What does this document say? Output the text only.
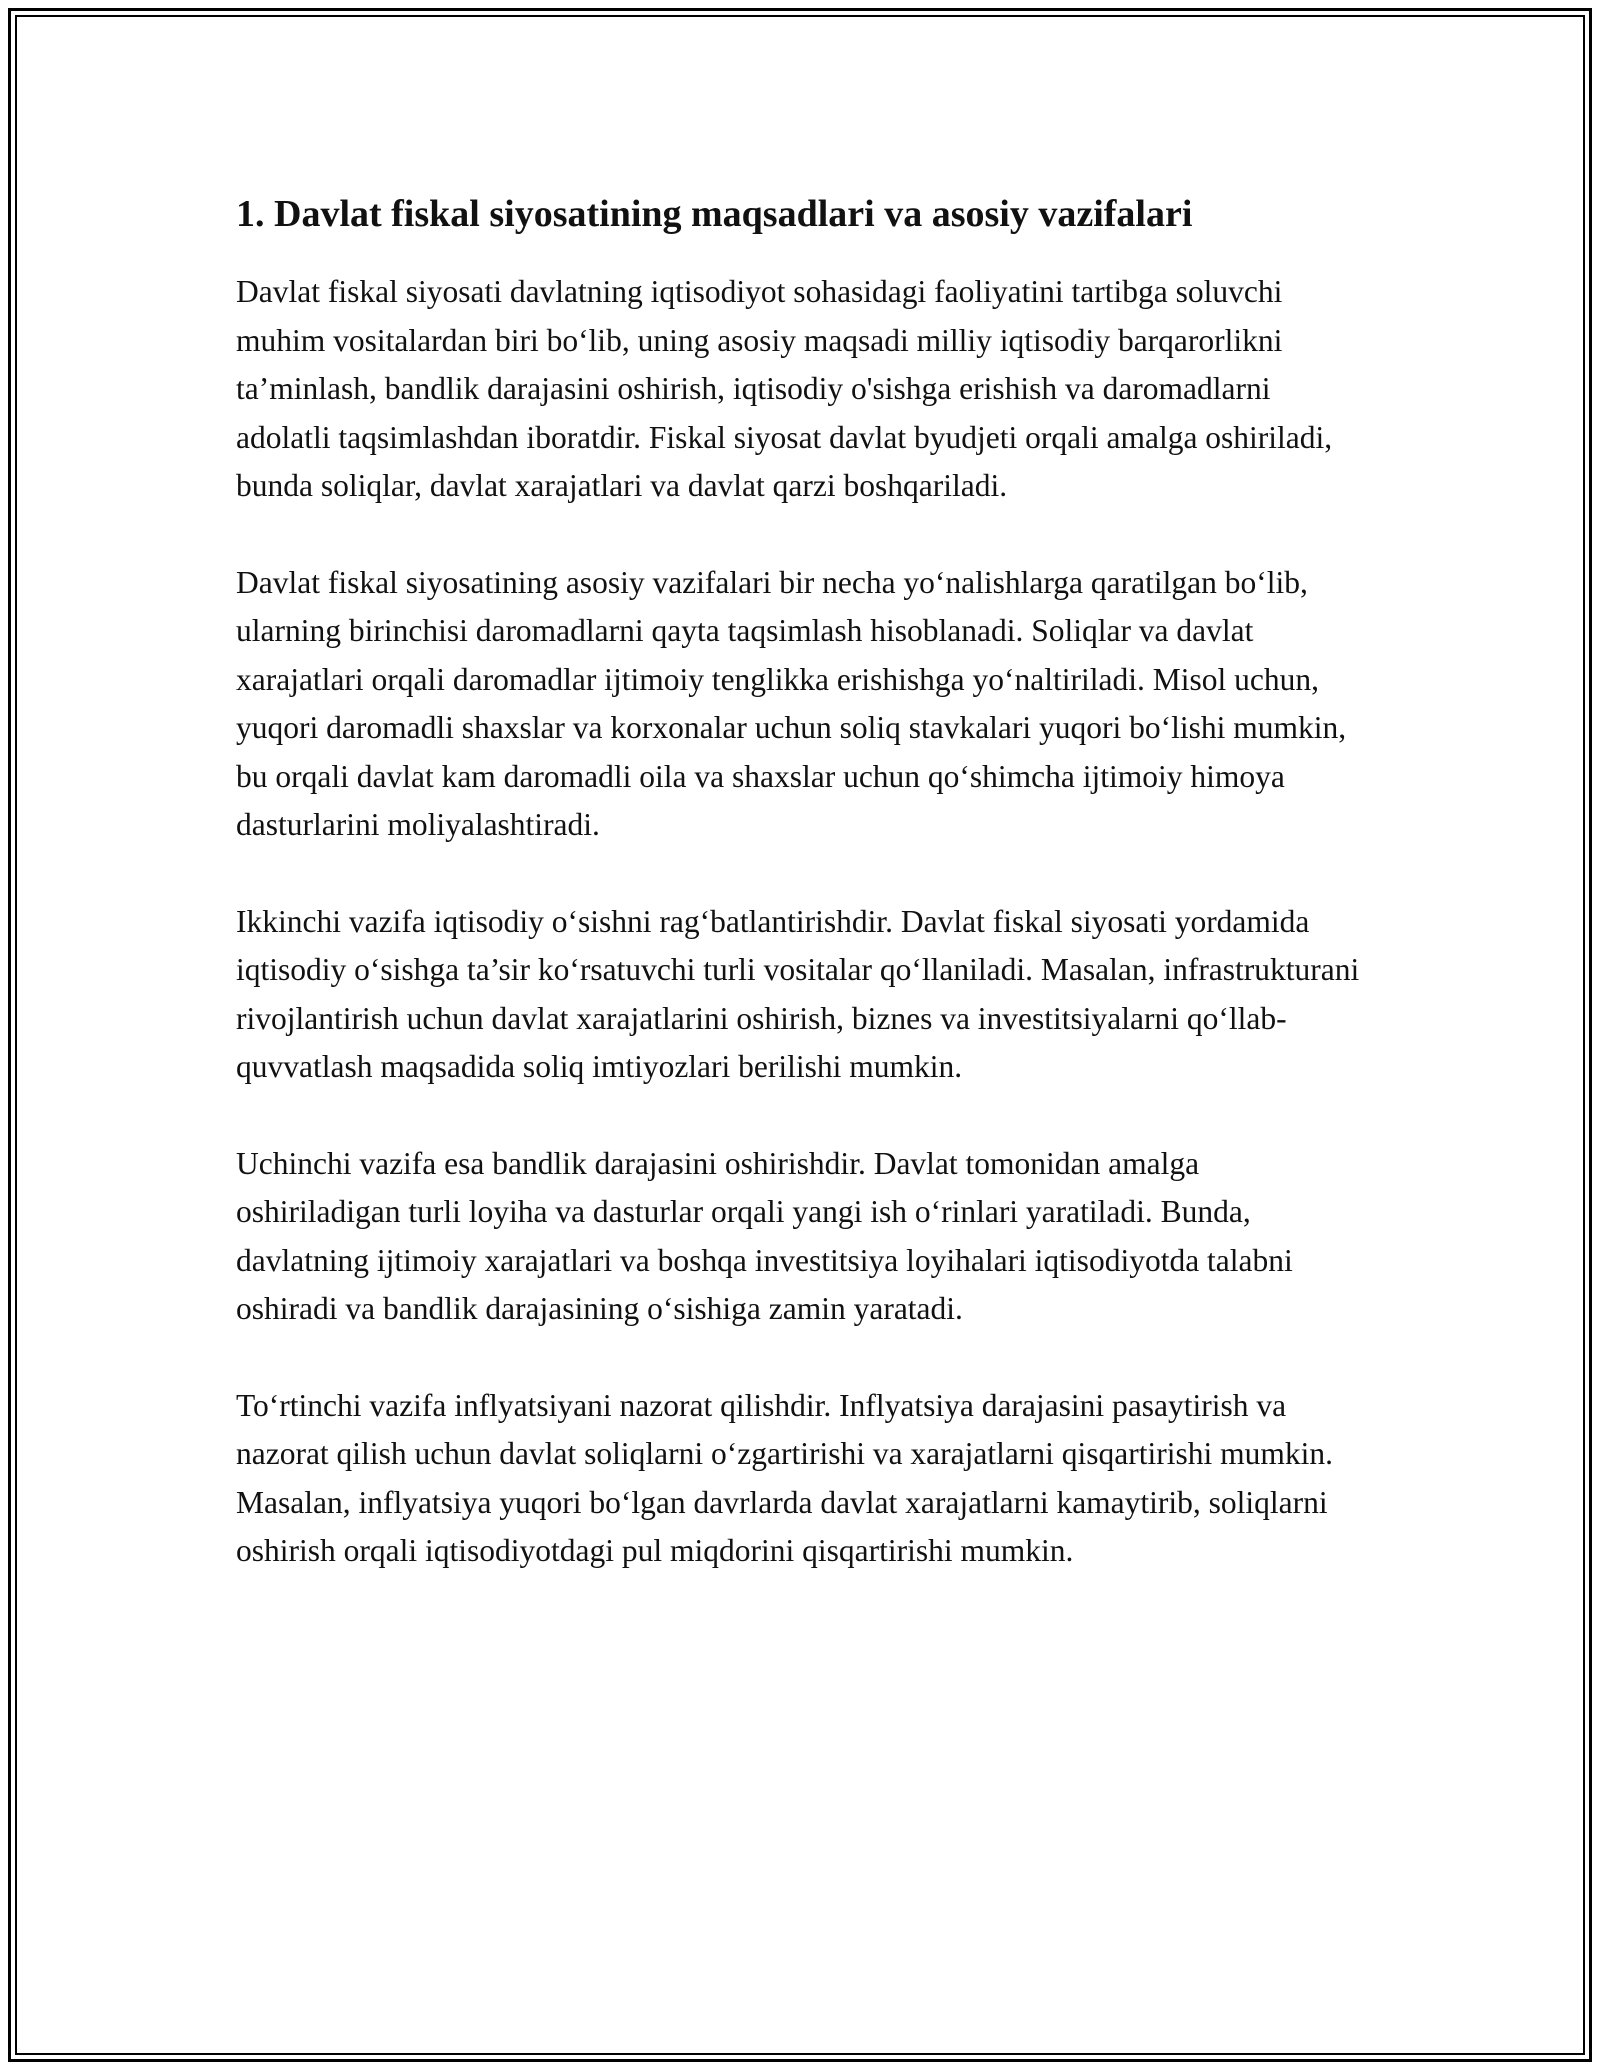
1. Davlat fiskal siyosatining maqsadlari va asosiy vazifalari

Davlat fiskal siyosati davlatning iqtisodiyot sohasidagi faoliyatini tartibga soluvchi muhim vositalardan biri bo‘lib, uning asosiy maqsadi milliy iqtisodiy barqarorlikni ta’minlash, bandlik darajasini oshirish, iqtisodiy o'sishga erishish va daromadlarni adolatli taqsimlashdan iboratdir. Fiskal siyosat davlat byudjeti orqali amalga oshiriladi, bunda soliqlar, davlat xarajatlari va davlat qarzi boshqariladi.

Davlat fiskal siyosatining asosiy vazifalari bir necha yo‘nalishlarga qaratilgan bo‘lib, ularning birinchisi daromadlarni qayta taqsimlash hisoblanadi. Soliqlar va davlat xarajatlari orqali daromadlar ijtimoiy tenglikka erishishga yo‘naltiriladi. Misol uchun, yuqori daromadli shaxslar va korxonalar uchun soliq stavkalari yuqori bo‘lishi mumkin, bu orqali davlat kam daromadli oila va shaxslar uchun qo‘shimcha ijtimoiy himoya dasturlarini moliyalashtiradi.

Ikkinchi vazifa iqtisodiy o‘sishni rag‘batlantirishdir. Davlat fiskal siyosati yordamida iqtisodiy o‘sishga ta’sir ko‘rsatuvchi turli vositalar qo‘llaniladi. Masalan, infrastrukturani rivojlantirish uchun davlat xarajatlarini oshirish, biznes va investitsiyalarni qo‘llab-quvvatlash maqsadida soliq imtiyozlari berilishi mumkin.

Uchinchi vazifa esa bandlik darajasini oshirishdir. Davlat tomonidan amalga oshiriladigan turli loyiha va dasturlar orqali yangi ish o‘rinlari yaratiladi. Bunda, davlatning ijtimoiy xarajatlari va boshqa investitsiya loyihalari iqtisodiyotda talabni oshiradi va bandlik darajasining o‘sishiga zamin yaratadi.

To‘rtinchi vazifa inflyatsiyani nazorat qilishdir. Inflyatsiya darajasini pasaytirish va nazorat qilish uchun davlat soliqlarni o‘zgartirishi va xarajatlarni qisqartirishi mumkin. Masalan, inflyatsiya yuqori bo‘lgan davrlarda davlat xarajatlarni kamaytirib, soliqlarni oshirish orqali iqtisodiyotdagi pul miqdorini qisqartirishi mumkin.
